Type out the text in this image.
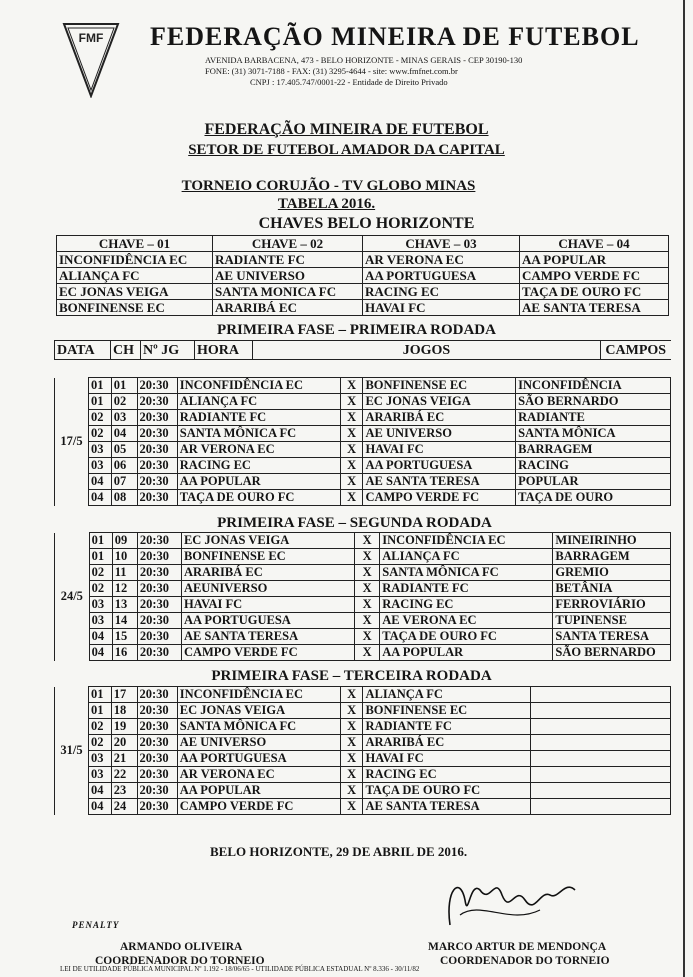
FMF FEDERAÇÃO MINEIRA DE FUTEBOL
AVENIDA BARBACENA, 473 - BELO HORIZONTE - MINAS GERAIS - CEP 30190-130
FONE: (31) 3071-7188 - FAX: (31) 3295-4644 - site: www.fmfnet.com.br
CNPJ : 17.405.747/0001-22 - Entidade de Direito Privado
FEDERAÇÃO MINEIRA DE FUTEBOL
SETOR DE FUTEBOL AMADOR DA CAPITAL
TORNEIO CORUJÃO - TV GLOBO MINAS
TABELA 2016.
CHAVES BELO HORIZONTE
CHAVE – 01	CHAVE – 02	CHAVE – 03	CHAVE – 04
INCONFIDÊNCIA EC	RADIANTE FC	AR VERONA EC	AA POPULAR
ALIANÇA FC	AE UNIVERSO	AA PORTUGUESA	CAMPO VERDE FC
EC JONAS VEIGA	SANTA MONICA FC	RACING EC	TAÇA DE OURO FC
BONFINENSE EC	ARARIBÁ EC	HAVAI FC	AE SANTA TERESA
PRIMEIRA FASE – PRIMEIRA RODADA
DATA	CH	Nº JG	HORA	JOGOS	CAMPOS
17/5	01	01	20:30	INCONFIDÊNCIA EC	X	BONFINENSE EC	INCONFIDÊNCIA
	01	02	20:30	ALIANÇA FC	X	EC JONAS VEIGA	SÃO BERNARDO
	02	03	20:30	RADIANTE FC	X	ARARIBÁ EC	RADIANTE
	02	04	20:30	SANTA MÔNICA FC	X	AE UNIVERSO	SANTA MÔNICA
	03	05	20:30	AR VERONA EC	X	HAVAI FC	BARRAGEM
	03	06	20:30	RACING EC	X	AA PORTUGUESA	RACING
	04	07	20:30	AA POPULAR	X	AE SANTA TERESA	POPULAR
	04	08	20:30	TAÇA DE OURO FC	X	CAMPO VERDE FC	TAÇA DE OURO
PRIMEIRA FASE – SEGUNDA RODADA
24/5	01	09	20:30	EC JONAS VEIGA	X	INCONFIDÊNCIA EC	MINEIRINHO
	01	10	20:30	BONFINENSE EC	X	ALIANÇA FC	BARRAGEM
	02	11	20:30	ARARIBÁ EC	X	SANTA MÔNICA FC	GREMIO
	02	12	20:30	AEUNIVERSO	X	RADIANTE FC	BETÂNIA
	03	13	20:30	HAVAI FC	X	RACING EC	FERROVIÁRIO
	03	14	20:30	AA PORTUGUESA	X	AE VERONA EC	TUPINENSE
	04	15	20:30	AE SANTA TERESA	X	TAÇA DE OURO FC	SANTA TERESA
	04	16	20:30	CAMPO VERDE FC	X	AA POPULAR	SÃO BERNARDO
PRIMEIRA FASE – TERCEIRA RODADA
31/5	01	17	20:30	INCONFIDÊNCIA EC	X	ALIANÇA FC	
	01	18	20:30	EC JONAS VEIGA	X	BONFINENSE EC	
	02	19	20:30	SANTA MÔNICA FC	X	RADIANTE FC	
	02	20	20:30	AE UNIVERSO	X	ARARIBÁ EC	
	03	21	20:30	AA PORTUGUESA	X	HAVAI FC	
	03	22	20:30	AR VERONA EC	X	RACING EC	
	04	23	20:30	AA POPULAR	X	TAÇA DE OURO FC	
	04	24	20:30	CAMPO VERDE FC	X	AE SANTA TERESA	
BELO HORIZONTE, 29 DE ABRIL DE 2016.
PENALTY
ARMANDO OLIVEIRA
COORDENADOR DO TORNEIO
MARCO ARTUR DE MENDONÇA
COORDENADOR DO TORNEIO
LEI DE UTILIDADE PÚBLICA MUNICIPAL Nº 1.192 - 18/06/65 - UTILIDADE PÚBLICA ESTADUAL Nº 8.336 - 30/11/82
